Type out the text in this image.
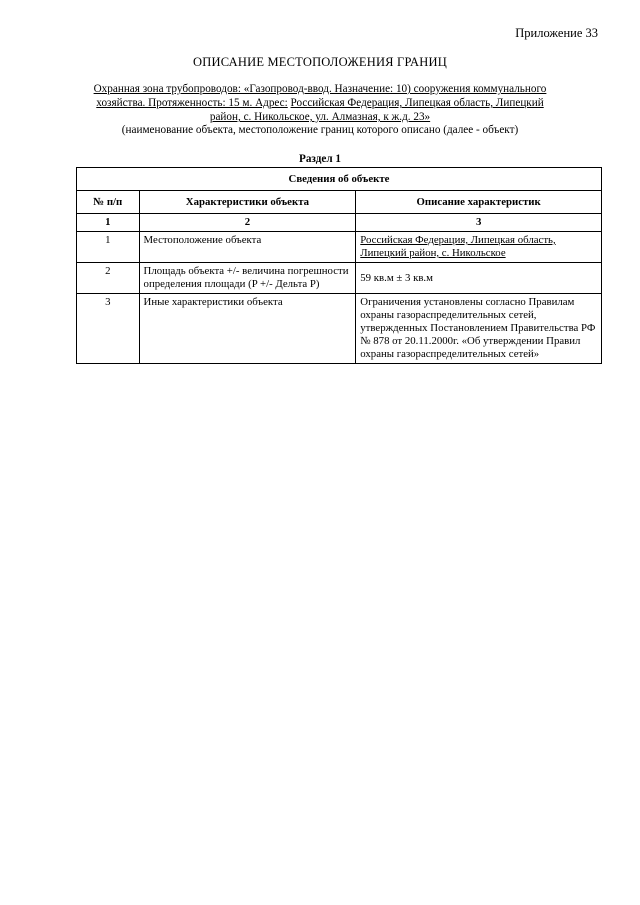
Приложение 33
ОПИСАНИЕ МЕСТОПОЛОЖЕНИЯ ГРАНИЦ
Охранная зона трубопроводов: «Газопровод-ввод. Назначение: 10) сооружения коммунального хозяйства. Протяженность: 15 м. Адрес: Российская Федерация, Липецкая область, Липецкий район, с. Никольское, ул. Алмазная, к ж.д. 23»
(наименование объекта, местоположение границ которого описано (далее - объект)
Раздел 1
Сведения об объекте		
№ п/п	Характеристики объекта	Описание характеристик
1	2	3
1	Местоположение объекта	Российская Федерация, Липецкая область, Липецкий район, с. Никольское
2	Площадь объекта +/- величина погрешности определения площади (P +/- Дельта P)	59 кв.м ± 3 кв.м
3	Иные характеристики объекта	Ограничения установлены согласно Правилам охраны газораспределительных сетей, утвержденных Постановлением Правительства РФ № 878 от 20.11.2000г. «Об утверждении Правил охраны газораспределительных сетей»
